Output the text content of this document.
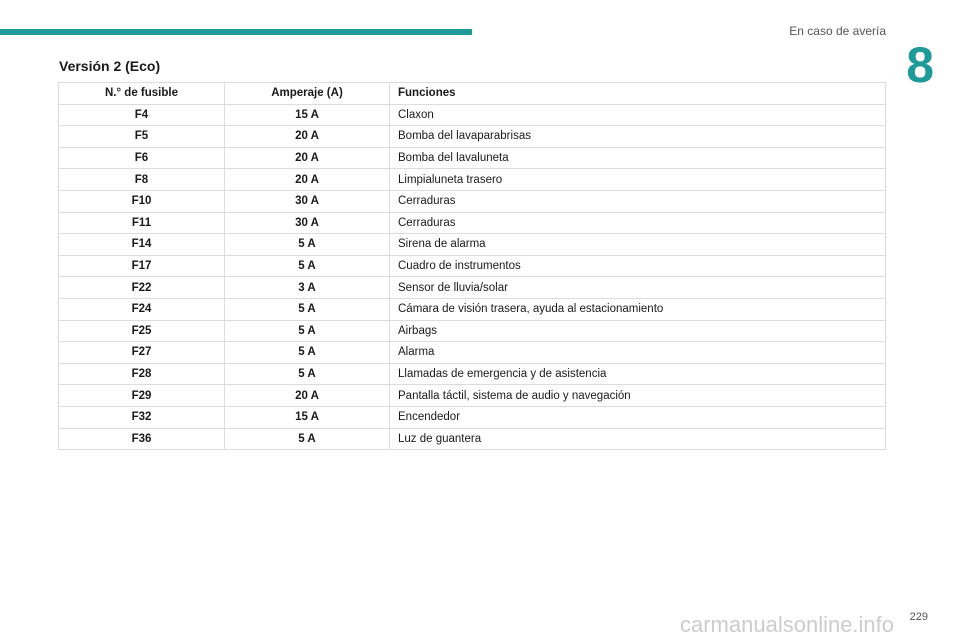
En caso de avería
8
Versión 2 (Eco)
N.° de fusible	Amperaje (A)	Funciones
F4	15 A	Claxon
F5	20 A	Bomba del lavaparabrisas
F6	20 A	Bomba del lavaluneta
F8	20 A	Limpialuneta trasero
F10	30 A	Cerraduras
F11	30 A	Cerraduras
F14	5 A	Sirena de alarma
F17	5 A	Cuadro de instrumentos
F22	3 A	Sensor de lluvia/solar
F24	5 A	Cámara de visión trasera, ayuda al estacionamiento
F25	5 A	Airbags
F27	5 A	Alarma
F28	5 A	Llamadas de emergencia y de asistencia
F29	20 A	Pantalla táctil, sistema de audio y navegación
F32	15 A	Encendedor
F36	5 A	Luz de guantera
carmanualsonline.info 229
